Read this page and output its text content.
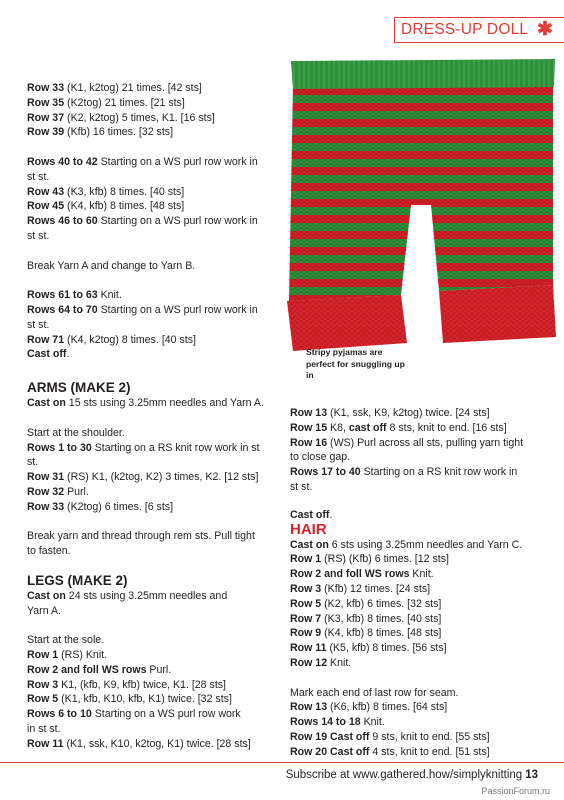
DRESS-UP DOLL ✱

Row 33 (K1, k2tog) 21 times. [42 sts]

Row 35 (K2tog) 21 times. [21 sts]

Row 37 (K2, k2tog) 5 times, K1. [16 sts]

Row 39 (Kfb) 16 times. [32 sts]

Rows 40 to 42 Starting on a WS purl row work in

st st.

Row 43 (K3, kfb) 8 times. [40 sts]

Row 45 (K4, kfb) 8 times. [48 sts]

Rows 46 to 60 Starting on a WS purl row work in

st st.

Break Yarn A and change to Yarn B.

Rows 61 to 63 Knit.

Rows 64 to 70 Starting on a WS purl row work in

st st.

Row 71 (K4, k2tog) 8 times. [40 sts]

Cast off.

ARMS (MAKE 2)

Cast on 15 sts using 3.25mm needles and Yarn A.

Start at the shoulder.

Rows 1 to 30 Starting on a RS knit row work in st

st.

Row 31 (RS) K1, (k2tog, K2) 3 times, K2. [12 sts]

Row 32 Purl.

Row 33 (K2tog) 6 times. [6 sts]

Break yarn and thread through rem sts. Pull tight

to fasten.

LEGS (MAKE 2)

Cast on 24 sts using 3.25mm needles and

Yarn A.

Start at the sole.

Row 1 (RS) Knit.

Row 2 and foll WS rows Purl.

Row 3 K1, (kfb, K9, kfb) twice, K1. [28 sts]

Row 5 (K1, kfb, K10, kfb, K1) twice. [32 sts]

Rows 6 to 10 Starting on a WS purl row work

in st st.

Row 11 (K1, ssk, K10, k2tog, K1) twice. [28 sts]

Stripy pyjamas are perfect for snuggling up in

Row 13 (K1, ssk, K9, k2tog) twice. [24 sts]

Row 15 K8, cast off 8 sts, knit to end. [16 sts]

Row 16 (WS) Purl across all sts, pulling yarn tight

to close gap.

Rows 17 to 40 Starting on a RS knit row work in

st st.

Cast off.

HAIR

Cast on 6 sts using 3.25mm needles and Yarn C.

Row 1 (RS) (Kfb) 6 times. [12 sts]

Row 2 and foll WS rows Knit.

Row 3 (Kfb) 12 times. [24 sts]

Row 5 (K2, kfb) 6 times. [32 sts]

Row 7 (K3, kfb) 8 times. [40 sts]

Row 9 (K4, kfb) 8 times. [48 sts]

Row 11 (K5, kfb) 8 times. [56 sts]

Row 12 Knit.

Mark each end of last row for seam.

Row 13 (K6, kfb) 8 times. [64 sts]

Rows 14 to 18 Knit.

Row 19 Cast off 9 sts, knit to end. [55 sts]

Row 20 Cast off 4 sts, knit to end. [51 sts]

Subscribe at www.gathered.how/simplyknitting 13
PassionForum.ru
